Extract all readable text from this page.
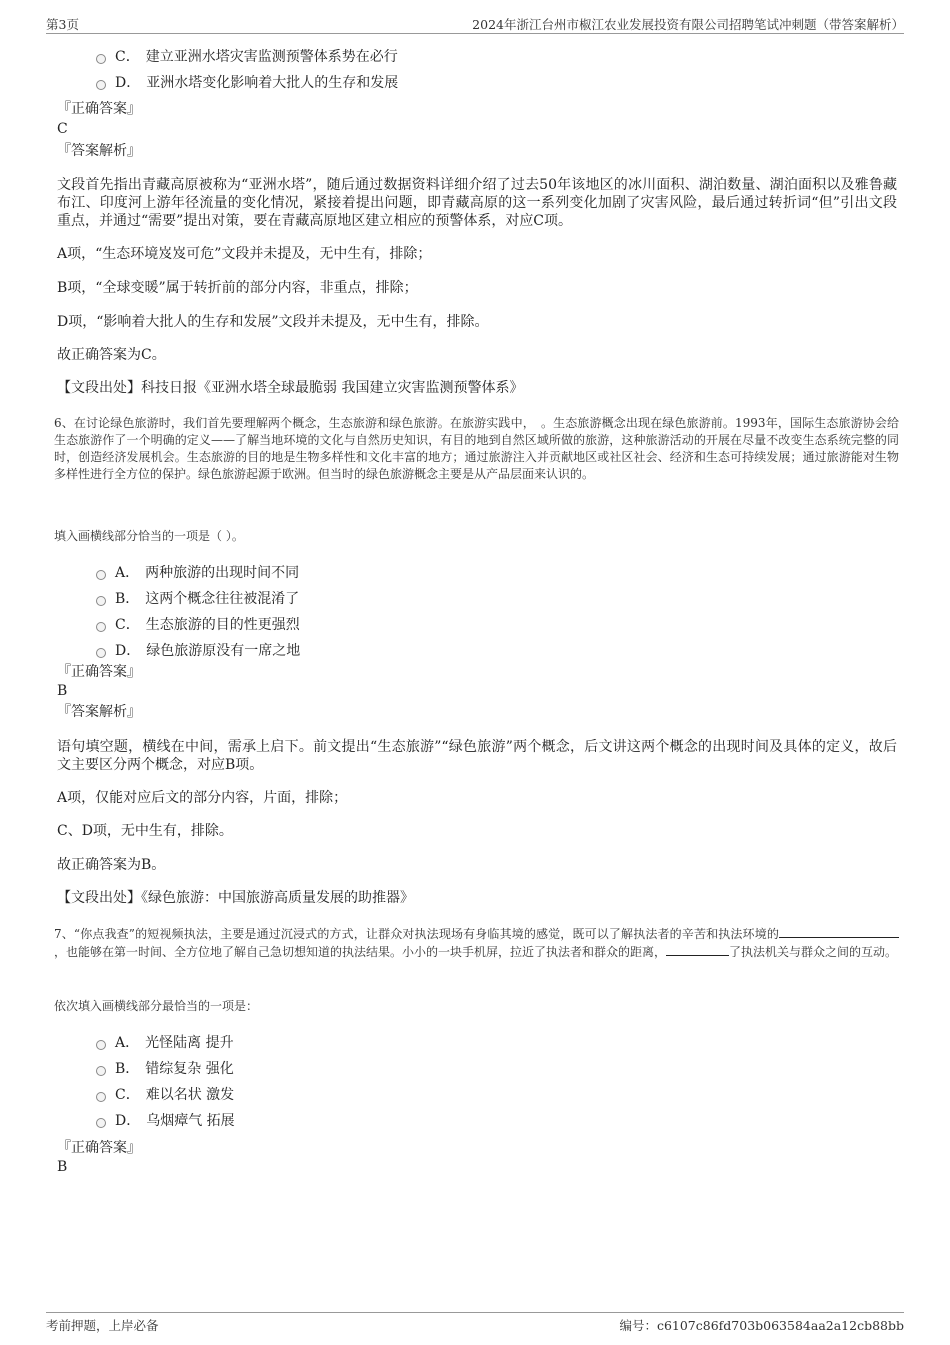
第3页	2024年浙江台州市椒江农业发展投资有限公司招聘笔试冲刺题（带答案解析）
C． 建立亚洲水塔灾害监测预警体系势在必行
D． 亚洲水塔变化影响着大批人的生存和发展
『正确答案』
C
『答案解析』
文段首先指出青藏高原被称为“亚洲水塔”，随后通过数据资料详细介绍了过去50年该地区的冰川面积、湖泊数量、湖泊面积以及雅鲁藏布江、印度河上游年径流量的变化情况，紧接着提出问题，即青藏高原的这一系列变化加剧了灾害风险，最后通过转折词“但”引出文段重点，并通过“需要”提出对策，要在青藏高原地区建立相应的预警体系，对应C项。
A项，“生态环境岌岌可危”文段并未提及，无中生有，排除；
B项，“全球变暖”属于转折前的部分内容，非重点，排除；
D项，“影响着大批人的生存和发展”文段并未提及，无中生有，排除。
故正确答案为C。
【文段出处】科技日报《亚洲水塔全球最脆弱 我国建立灾害监测预警体系》
6、在讨论绿色旅游时，我们首先要理解两个概念，生态旅游和绿色旅游。在旅游实践中，　。生态旅游概念出现在绿色旅游前。1993年，国际生态旅游协会给生态旅游作了一个明确的定义——了解当地环境的文化与自然历史知识，有目的地到自然区域所做的旅游，这种旅游活动的开展在尽量不改变生态系统完整的同时，创造经济发展机会。生态旅游的目的地是生物多样性和文化丰富的地方；通过旅游注入并贡献地区或社区社会、经济和生态可持续发展；通过旅游能对生物多样性进行全方位的保护。绿色旅游起源于欧洲。但当时的绿色旅游概念主要是从产品层面来认识的。
填入画横线部分恰当的一项是（ ）。
A． 两种旅游的出现时间不同
B． 这两个概念往往被混淆了
C． 生态旅游的目的性更强烈
D． 绿色旅游原没有一席之地
『正确答案』
B
『答案解析』
语句填空题，横线在中间，需承上启下。前文提出“生态旅游”“绿色旅游”两个概念，后文讲这两个概念的出现时间及具体的定义，故后文主要区分两个概念，对应B项。
A项，仅能对应后文的部分内容，片面，排除；
C、D项，无中生有，排除。
故正确答案为B。
【文段出处】《绿色旅游：中国旅游高质量发展的助推器》
7、“你点我查”的短视频执法，主要是通过沉浸式的方式，让群众对执法现场有身临其境的感觉，既可以了解执法者的辛苦和执法环境的，也能够在第一时间、全方位地了解自己急切想知道的执法结果。小小的一块手机屏，拉近了执法者和群众的距离，	了执法机关与群众之间的互动。
依次填入画横线部分最恰当的一项是：
A． 光怪陆离 提升
B． 错综复杂 强化
C． 难以名状 激发
D． 乌烟瘴气 拓展
『正确答案』
B
考前押题，上岸必备	编号：c6107c86fd703b063584aa2a12cb88bb
